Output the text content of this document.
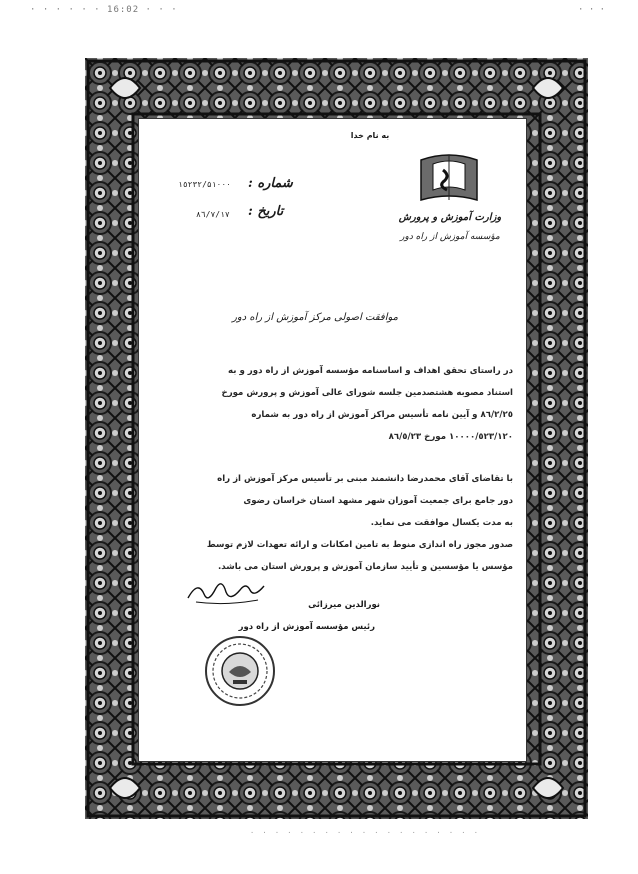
· · · · · · 16:02 · · ·	· · ·
به نام خدا
وزارت آموزش و پرورش
مؤسسه آموزش از راه دور
شماره :
١٥٢٣٢/۵١٠٠٠
تاریخ :
٨٦/٧/١٧
موافقت اصولی مرکز آموزش از راه دور
در راستای تحقق اهداف و اساسنامه مؤسسه آموزش از راه دور و به
استناد مصوبه هشتصدمین جلسه شورای عالی آموزش و پرورش مورخ
٨٦/٢/٢٥ و آیین نامه تأسیس مراکز آموزش از راه دور به شماره
١٠٠٠٠/٥٢٣/١٢٠ مورخ ٨٦/٥/٢٣
با تقاضای آقای محمدرضا دانشمند مبنی بر تأسیس مرکز آموزش از راه
دور جامع برای جمعیت آموزان شهر مشهد استان خراسان رضوی
به مدت یکسال موافقت می نماید.
صدور مجوز راه اندازی منوط به تامین امکانات و ارائه تعهدات لازم توسط
مؤسس یا مؤسسین و تأیید سازمان آموزش و پرورش استان می باشد.
نورالدین میرزائی
رئیس مؤسسه آموزش از راه دور
· · · · · · · · · · · · · · · · · · ·
